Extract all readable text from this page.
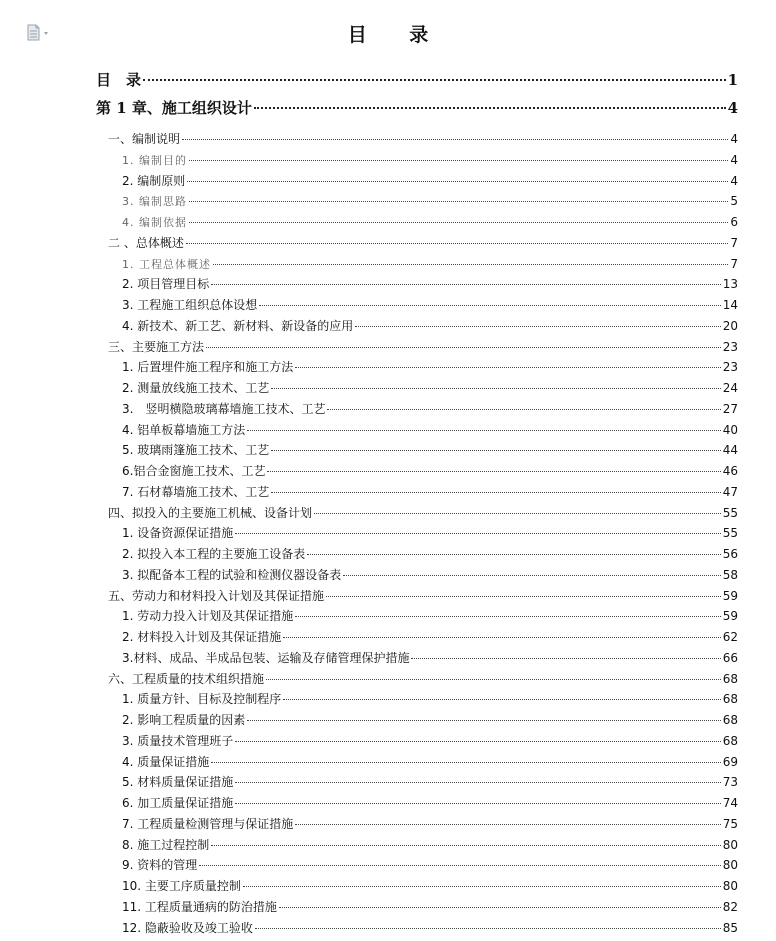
目 录
目　录	1
第 1 章、施工组织设计	4
一、编制说明	4
1. 编制目的	4
2. 编制原则	4
3. 编制思路	5
4. 编制依据	6
二 、总体概述	7
1. 工程总体概述	7
2. 项目管理目标	13
3. 工程施工组织总体设想	14
4. 新技术、新工艺、新材料、新设备的应用	20
三、主要施工方法	23
1. 后置埋件施工程序和施工方法	23
2. 测量放线施工技术、工艺	24
3.　竖明横隐玻璃幕墙施工技术、工艺	27
4. 铝单板幕墙施工方法	40
5. 玻璃雨篷施工技术、工艺	44
6.铝合金窗施工技术、工艺	46
7. 石材幕墙施工技术、工艺	47
四、拟投入的主要施工机械、设备计划	55
1. 设备资源保证措施	55
2. 拟投入本工程的主要施工设备表	56
3. 拟配备本工程的试验和检测仪器设备表	58
五、劳动力和材料投入计划及其保证措施	59
1. 劳动力投入计划及其保证措施	59
2. 材料投入计划及其保证措施	62
3.材料、成品、半成品包装、运输及存储管理保护措施	66
六、工程质量的技术组织措施	68
1. 质量方针、目标及控制程序	68
2. 影响工程质量的因素	68
3. 质量技术管理班子	68
4. 质量保证措施	69
5. 材料质量保证措施	73
6. 加工质量保证措施	74
7. 工程质量检测管理与保证措施	75
8. 施工过程控制	80
9. 资料的管理	80
10. 主要工序质量控制	80
11. 工程质量通病的防治措施	82
12. 隐蔽验收及竣工验收	85
